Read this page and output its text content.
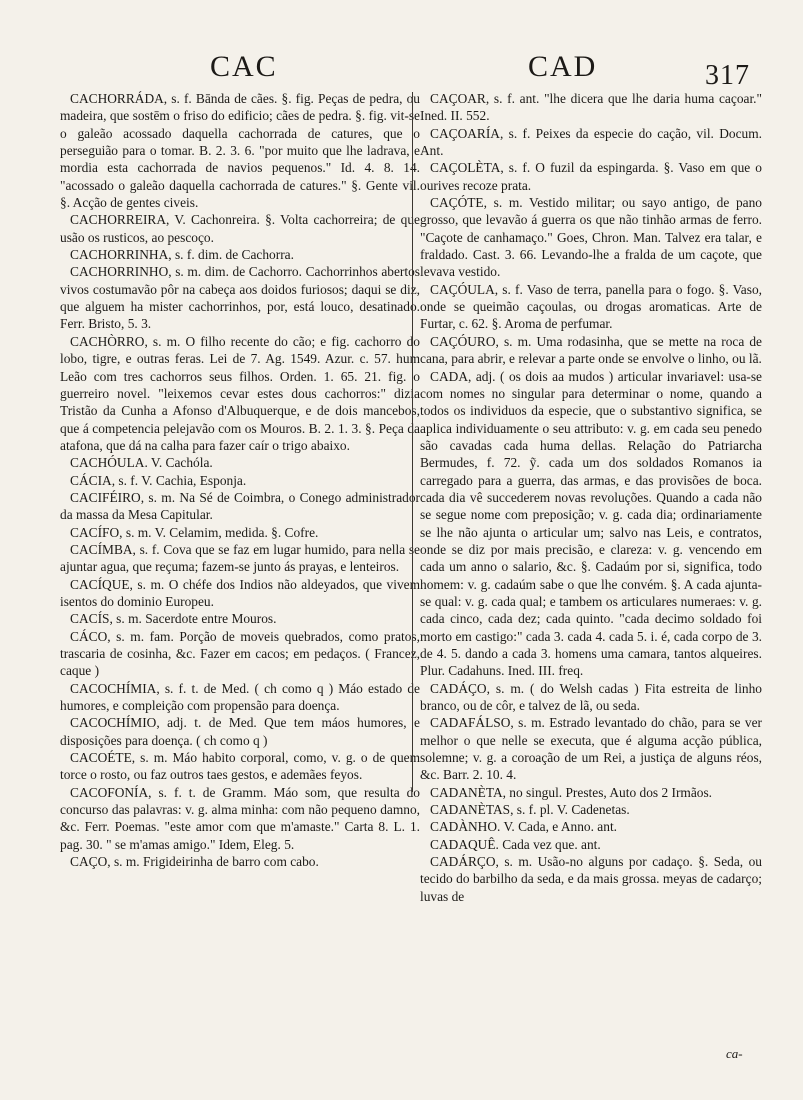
CAC	CAD	317

CACHORRÁDA, s. f. Bānda de cães. §. fig. Peças de pedra, ou madeira, que sostēm o friso do edificio; cães de pedra. §. fig. vit-se o galeão acossado daquella cachorrada de catures, que o perseguião para o tomar. B. 2. 3. 6. "por muito que lhe ladrava, e mordia esta cachorrada de navios pequenos." Id. 4. 8. 14. "acossado o galeão daquella cachorrada de catures." §. Gente vil. §. Acção de gentes civeis.

CACHORREIRA, V. Cachonreira. §. Volta cachorreira; de que usão os rusticos, ao pescoço.

CACHORRINHA, s. f. dim. de Cachorra.

CACHORRINHO, s. m. dim. de Cachorro. Cachorrinhos abertos vivos costumavão pôr na cabeça aos doidos furiosos; daqui se diz, que alguem ha mister cachorrinhos, por, está louco, desatinado. Ferr. Bristo, 5. 3.

CACHÒRRO, s. m. O filho recente do cão; e fig. cachorro do lobo, tigre, e outras feras. Lei de 7. Ag. 1549. Azur. c. 57. hum Leão com tres cachorros seus filhos. Orden. 1. 65. 21. fig. o guerreiro novel. "leixemos cevar estes dous cachorros:" dizia Tristão da Cunha a Afonso d'Albuquerque, e de dois mancebos, que á competencia pelejavão com os Mouros. B. 2. 1. 3. §. Peça da atafona, que dá na calha para fazer caír o trigo abaixo.

CACHÓULA. V. Cachóla.

CÁCIA, s. f. V. Cachia, Esponja.

CACIFÉIRO, s. m. Na Sé de Coimbra, o Conego administrador da massa da Mesa Capitular.

CACÍFO, s. m. V. Celamim, medida. §. Cofre.

CACÍMBA, s. f. Cova que se faz em lugar humido, para nella se ajuntar agua, que reçuma; fazem-se junto ás prayas, e lenteiros.

CACÍQUE, s. m. O chéfe dos Indios não aldeyados, que vivem isentos do dominio Europeu.

CACÍS, s. m. Sacerdote entre Mouros.

CÁCO, s. m. fam. Porção de moveis quebrados, como pratos, trascaria de cosinha, &c. Fazer em cacos; em pedaços. ( Francez, caque )

CACOCHÍMIA, s. f. t. de Med. ( ch como q ) Máo estado de humores, e compleição com propensão para doença.

CACOCHÍMIO, adj. t. de Med. Que tem máos humores, e disposições para doença. ( ch como q )

CACOÉTE, s. m. Máo habito corporal, como, v. g. o de quem torce o rosto, ou faz outros taes gestos, e ademães feyos.

CACOFONÍA, s. f. t. de Gramm. Máo som, que resulta do concurso das palavras: v. g. alma minha: com não pequeno damno, &c. Ferr. Poemas. "este amor com que m'amaste." Carta 8. L. 1. pag. 30. " se m'amas amigo." Idem, Eleg. 5.

CAÇO, s. m. Frigideirinha de barro com cabo.

CAÇOAR, s. f. ant. "lhe dicera que lhe daria huma caçoar." Ined. II. 552.

CAÇOARÍA, s. f. Peixes da especie do cação, vil. Docum. Ant.

CAÇOLÈTA, s. f. O fuzil da espingarda. §. Vaso em que o ourives recoze prata.

CAÇÓTE, s. m. Vestido militar; ou sayo antigo, de pano grosso, que levavão á guerra os que não tinhão armas de ferro. "Caçote de canhamaço." Goes, Chron. Man. Talvez era talar, e fraldado. Cast. 3. 66. Levando-lhe a fralda de um caçote, que levava vestido.

CAÇÓULA, s. f. Vaso de terra, panella para o fogo. §. Vaso, onde se queimão caçoulas, ou drogas aromaticas. Arte de Furtar, c. 62. §. Aroma de perfumar.

CAÇÓURO, s. m. Uma rodasinha, que se mette na roca de cana, para abrir, e relevar a parte onde se envolve o linho, ou lã.

CADA, adj. ( os dois aa mudos ) articular invariavel: usa-se com nomes no singular para determinar o nome, quando a todos os individuos da especie, que o substantivo significa, se aplica individuamente o seu attributo: v. g. em cada seu penedo são cavadas cada huma dellas. Relação do Patriarcha Bermudes, f. 72. ỹ. cada um dos soldados Romanos ia carregado para a guerra, das armas, e das provisões de boca. cada dia vê succederem novas revoluções. Quando a cada não se segue nome com preposição; v. g. cada dia; ordinariamente se lhe não ajunta o articular um; salvo nas Leis, e contratos, onde se diz por mais precisão, e clareza: v. g. vencendo em cada um anno o salario, &c. §. Cadaúm por si, significa, todo homem: v. g. cadaúm sabe o que lhe convém. §. A cada ajunta-se qual: v. g. cada qual; e tambem os articulares numeraes: v. g. cada cinco, cada dez; cada quinto. "cada decimo soldado foi morto em castigo:" cada 3. cada 4. cada 5. i. é, cada corpo de 3. de 4. 5. dando a cada 3. homens uma camara, tantos alqueires. Plur. Cadahuns. Ined. III. freq.

CADÁÇO, s. m. ( do Welsh cadas ) Fita estreita de linho branco, ou de côr, e talvez de lã, ou seda.

CADAFÁLSO, s. m. Estrado levantado do chão, para se ver melhor o que nelle se executa, que é alguma acção pública, solemne; v. g. a coroação de um Rei, a justiça de alguns réos, &c. Barr. 2. 10. 4.

CADANÈTA, no singul. Prestes, Auto dos 2 Irmãos.

CADANÈTAS, s. f. pl. V. Cadenetas.

CADÀNHO. V. Cada, e Anno. ant.

CADAQUÊ. Cada vez que. ant.

CADÁRÇO, s. m. Usão-no alguns por cadaço. §. Seda, ou tecido do barbilho da seda, e da mais grossa. meyas de cadarço; luvas de

ca-
